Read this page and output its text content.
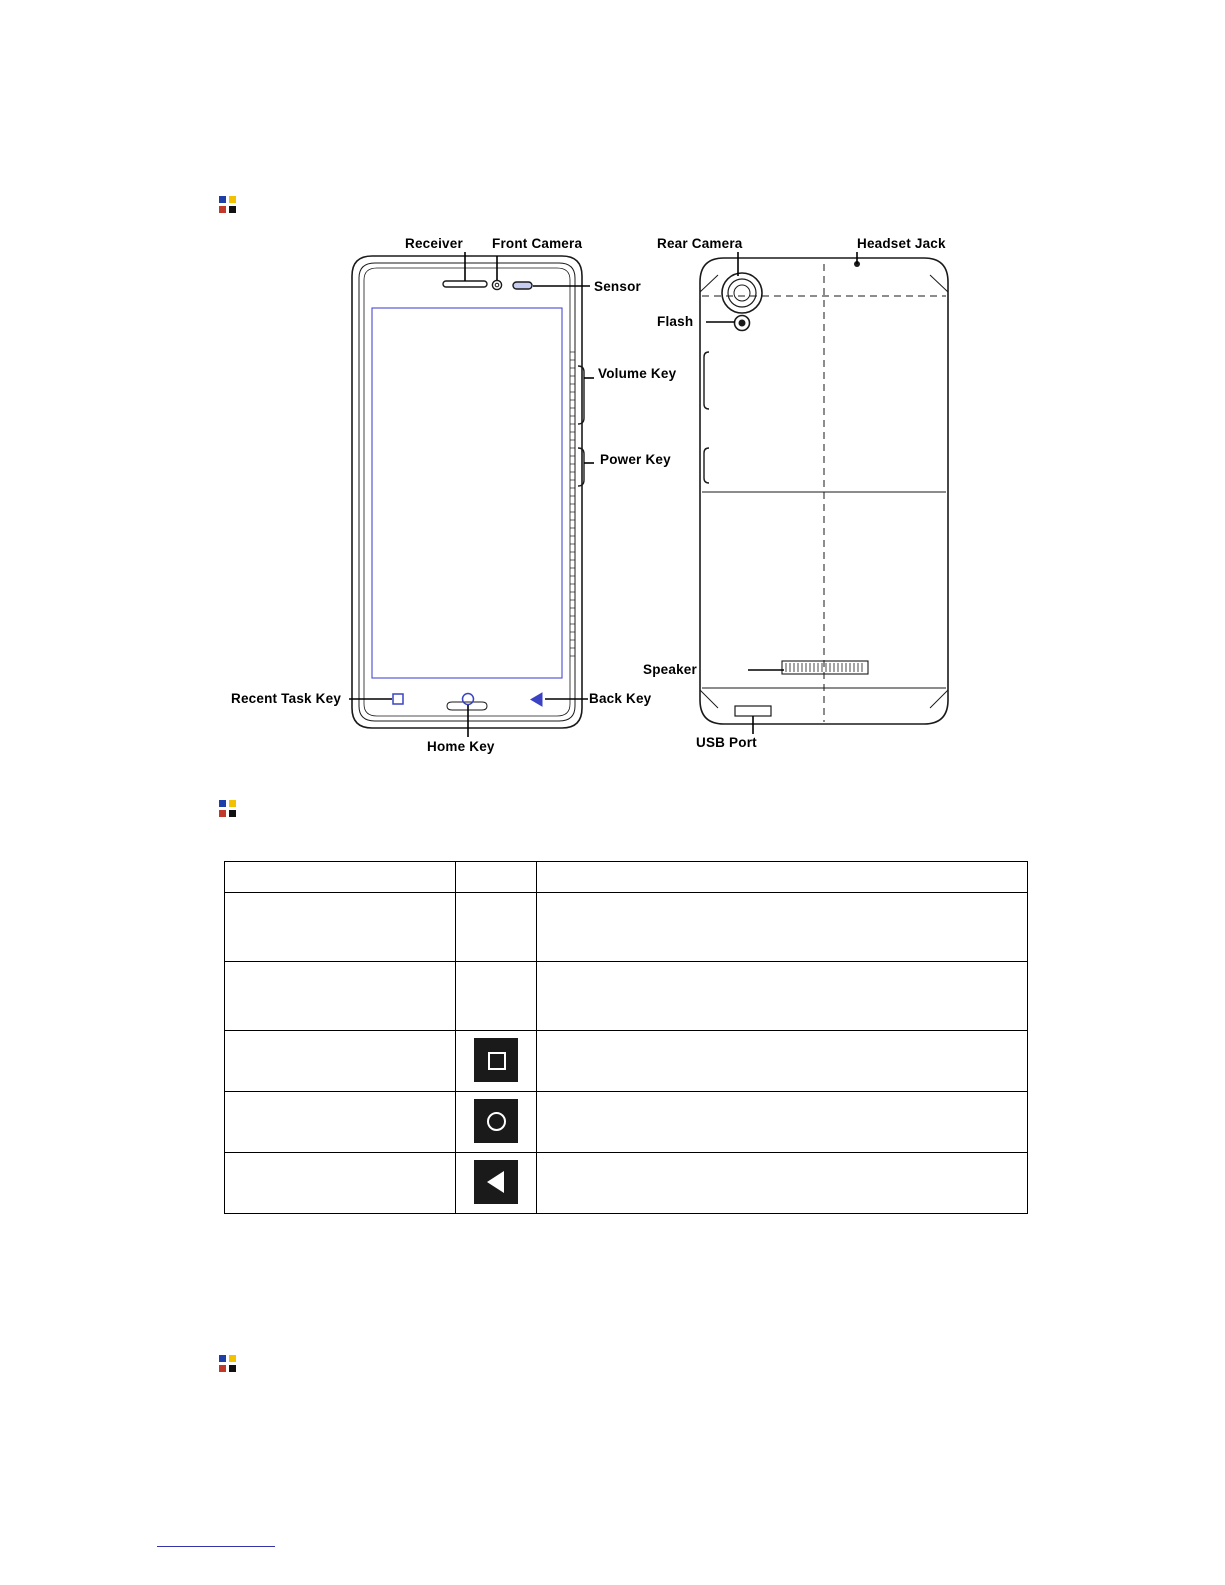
Receiver Front Camera
Sensor
Volume Key
Power Key
Recent Task Key	Back Key
Home Key
Rear Camera	Headset Jack
Flash
Speaker
USB Port
